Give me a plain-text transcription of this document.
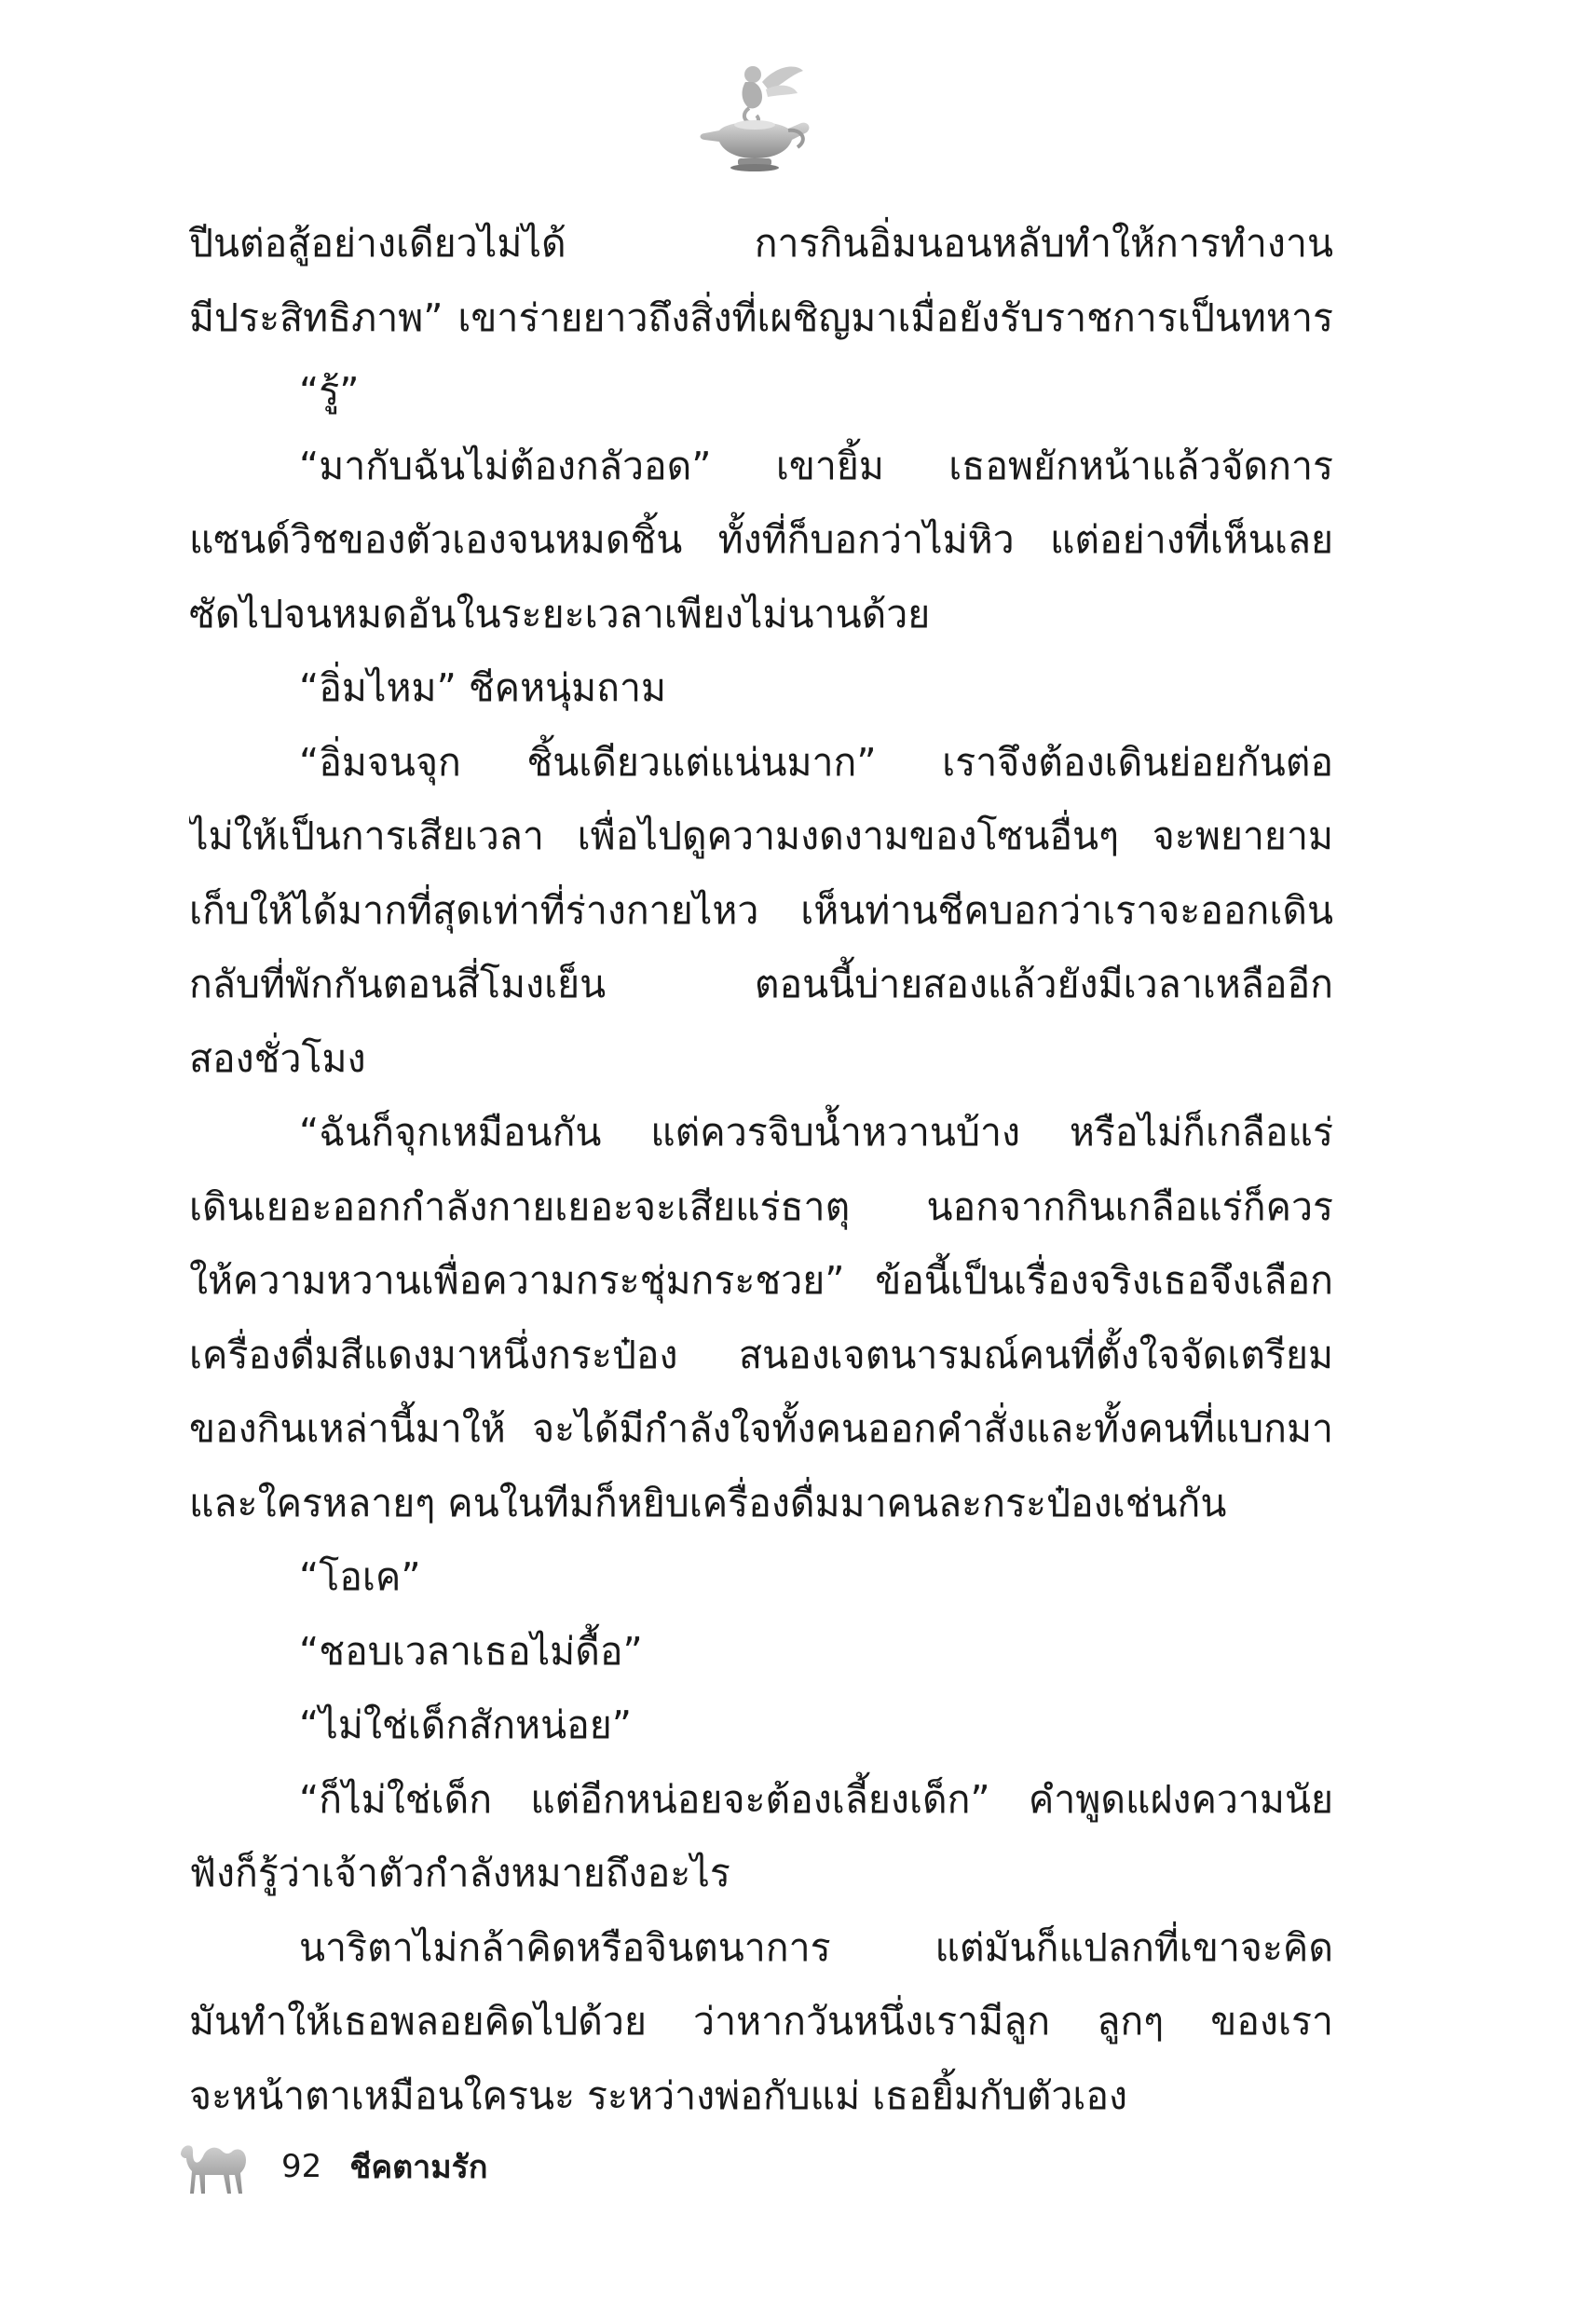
ปีนต่อสู้อย่างเดียวไม่ได้ การกินอิ่มนอนหลับทำให้การทำงาน
มีประสิทธิภาพ” เขาร่ายยาวถึงสิ่งที่เผชิญมาเมื่อยังรับราชการเป็นทหาร
“รู้”
“มากับฉันไม่ต้องกลัวอด” เขายิ้ม เธอพยักหน้าแล้วจัดการ
แซนด์วิชของตัวเองจนหมดชิ้น ทั้งที่ก็บอกว่าไม่หิว แต่อย่างที่เห็นเลย
ซัดไปจนหมดอันในระยะเวลาเพียงไม่นานด้วย
“อิ่มไหม” ชีคหนุ่มถาม
“อิ่มจนจุก ชิ้นเดียวแต่แน่นมาก” เราจึงต้องเดินย่อยกันต่อ
ไม่ให้เป็นการเสียเวลา เพื่อไปดูความงดงามของโซนอื่นๆ จะพยายาม
เก็บให้ได้มากที่สุดเท่าที่ร่างกายไหว เห็นท่านชีคบอกว่าเราจะออกเดิน
กลับที่พักกันตอนสี่โมงเย็น ตอนนี้บ่ายสองแล้วยังมีเวลาเหลืออีก
สองชั่วโมง
“ฉันก็จุกเหมือนกัน แต่ควรจิบน้ำหวานบ้าง หรือไม่ก็เกลือแร่
เดินเยอะออกกำลังกายเยอะจะเสียแร่ธาตุ นอกจากกินเกลือแร่ก็ควร
ให้ความหวานเพื่อความกระชุ่มกระชวย” ข้อนี้เป็นเรื่องจริงเธอจึงเลือก
เครื่องดื่มสีแดงมาหนึ่งกระป๋อง สนองเจตนารมณ์คนที่ตั้งใจจัดเตรียม
ของกินเหล่านี้มาให้ จะได้มีกำลังใจทั้งคนออกคำสั่งและทั้งคนที่แบกมา
และใครหลายๆ คนในทีมก็หยิบเครื่องดื่มมาคนละกระป๋องเช่นกัน
“โอเค”
“ชอบเวลาเธอไม่ดื้อ”
“ไม่ใช่เด็กสักหน่อย”
“ก็ไม่ใช่เด็ก แต่อีกหน่อยจะต้องเลี้ยงเด็ก” คำพูดแฝงความนัย
ฟังก็รู้ว่าเจ้าตัวกำลังหมายถึงอะไร
นาริตาไม่กล้าคิดหรือจินตนาการ แต่มันก็แปลกที่เขาจะคิด
มันทำให้เธอพลอยคิดไปด้วย ว่าหากวันหนึ่งเรามีลูก ลูกๆ ของเรา
จะหน้าตาเหมือนใครนะ ระหว่างพ่อกับแม่ เธอยิ้มกับตัวเอง
92 ชีคตามรัก
